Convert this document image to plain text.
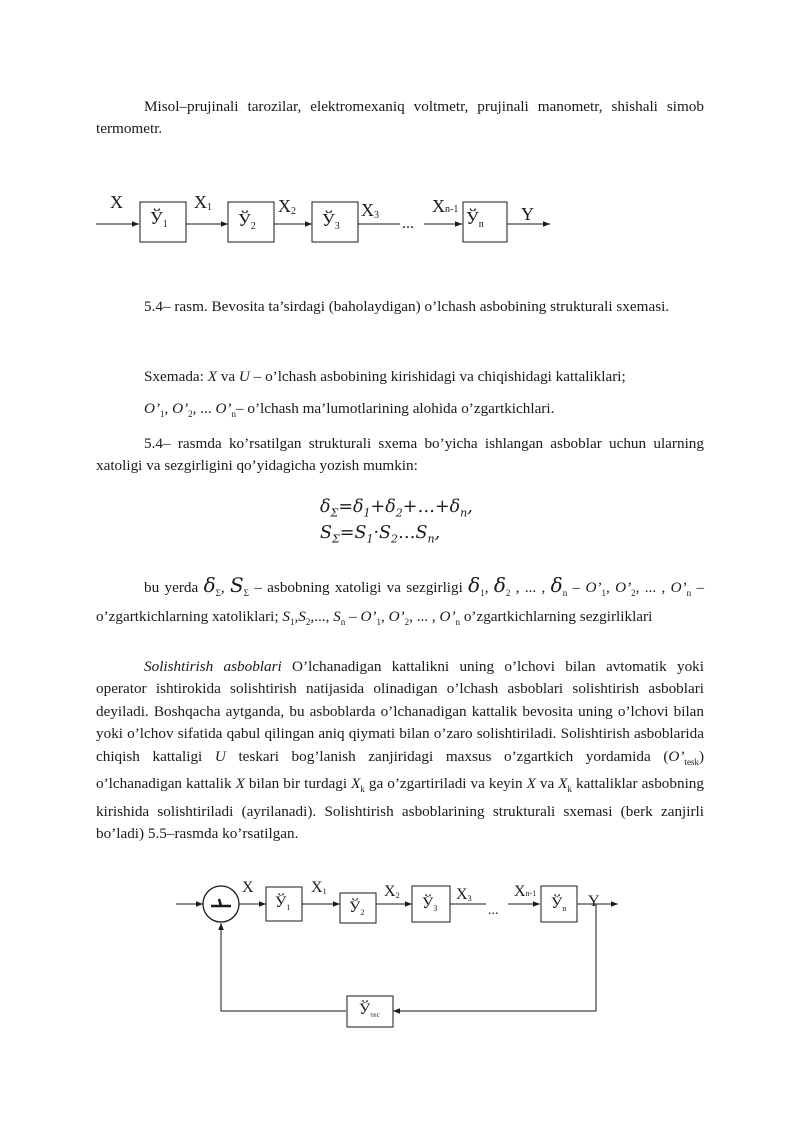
Misol–prujinali tarozilar, elektromexaniq voltmetr, prujinali manometr, shishali simob termometr.

Ў1	Ў2	Ў3	Ўn
X	X1	X2	X3 ...
Xn-1	Y

5.4– rasm. Bevosita ta’sirdagi (baholaydigan) o’lchash asbobining strukturali sxemasi.

Sxemada: X va U – o’lchash asbobining kirishidagi va chiqishidagi kattaliklari;

$O’_1$, $O’_2$, ... $O’_n-$ o’lchash ma’lumotlarining alohida o’zgartkichlari.

5.4– rasmda ko’rsatilgan strukturali sxema bo’yicha ishlangan asboblar uchun ularning xatoligi va sezgirligini qo’yidagicha yozish mumkin:

$\delta_\Sigma=\delta_1+\delta_2+\dots+\delta_n$,
$S_\Sigma=S_1\cdot S_2\dots S_n$,

bu yerda $\delta_\Sigma$, $S_\Sigma$ – asbobning xatoligi va sezgirligi $\delta_1$, $\delta_2$ , ... , $\delta_n$ – $O’_1$, $O’_2$, ... , $O’_n$ – o’zgartkichlarning xatoliklari; $S_1,S_2$,..., $S_n$ – $O’_1$, $O’_2$, ... , $O’_n$ o’zgartkichlarning sezgirliklari

Solishtirish asboblari O’lchanadigan kattalikni uning o’lchovi bilan avtomatik yoki operator ishtirokida solishtirish natijasida olinadigan o’lchash asboblari solishtirish asboblari deyiladi. Boshqacha aytganda, bu asboblarda o’lchanadigan kattalik bevosita uning o’lchovi bilan yoki o’lchov sifatida qabul qilingan aniq qiymati bilan o’zaro solishtiriladi. Solishtirish asboblarida chiqish kattaligi U teskari bog’lanish zanjiridagi maxsus o’zgartkich yordamida $(O’_{tesk})$ o’lchanadigan kattalik X bilan bir turdagi $X_k$ ga o’zgartiriladi va keyin X va $X_k$ kattaliklar asbobning kirishida solishtiriladi (ayrilanadi). Solishtirish asboblarining strukturali sxemasi (berk zanjirli bo’ladi) 5.5–rasmda ko’rsatilgan.

Ў1	Ў2
Ў3	Ўn
Ўтес
X	X1	X2	X3
...
Xn-1	Y
